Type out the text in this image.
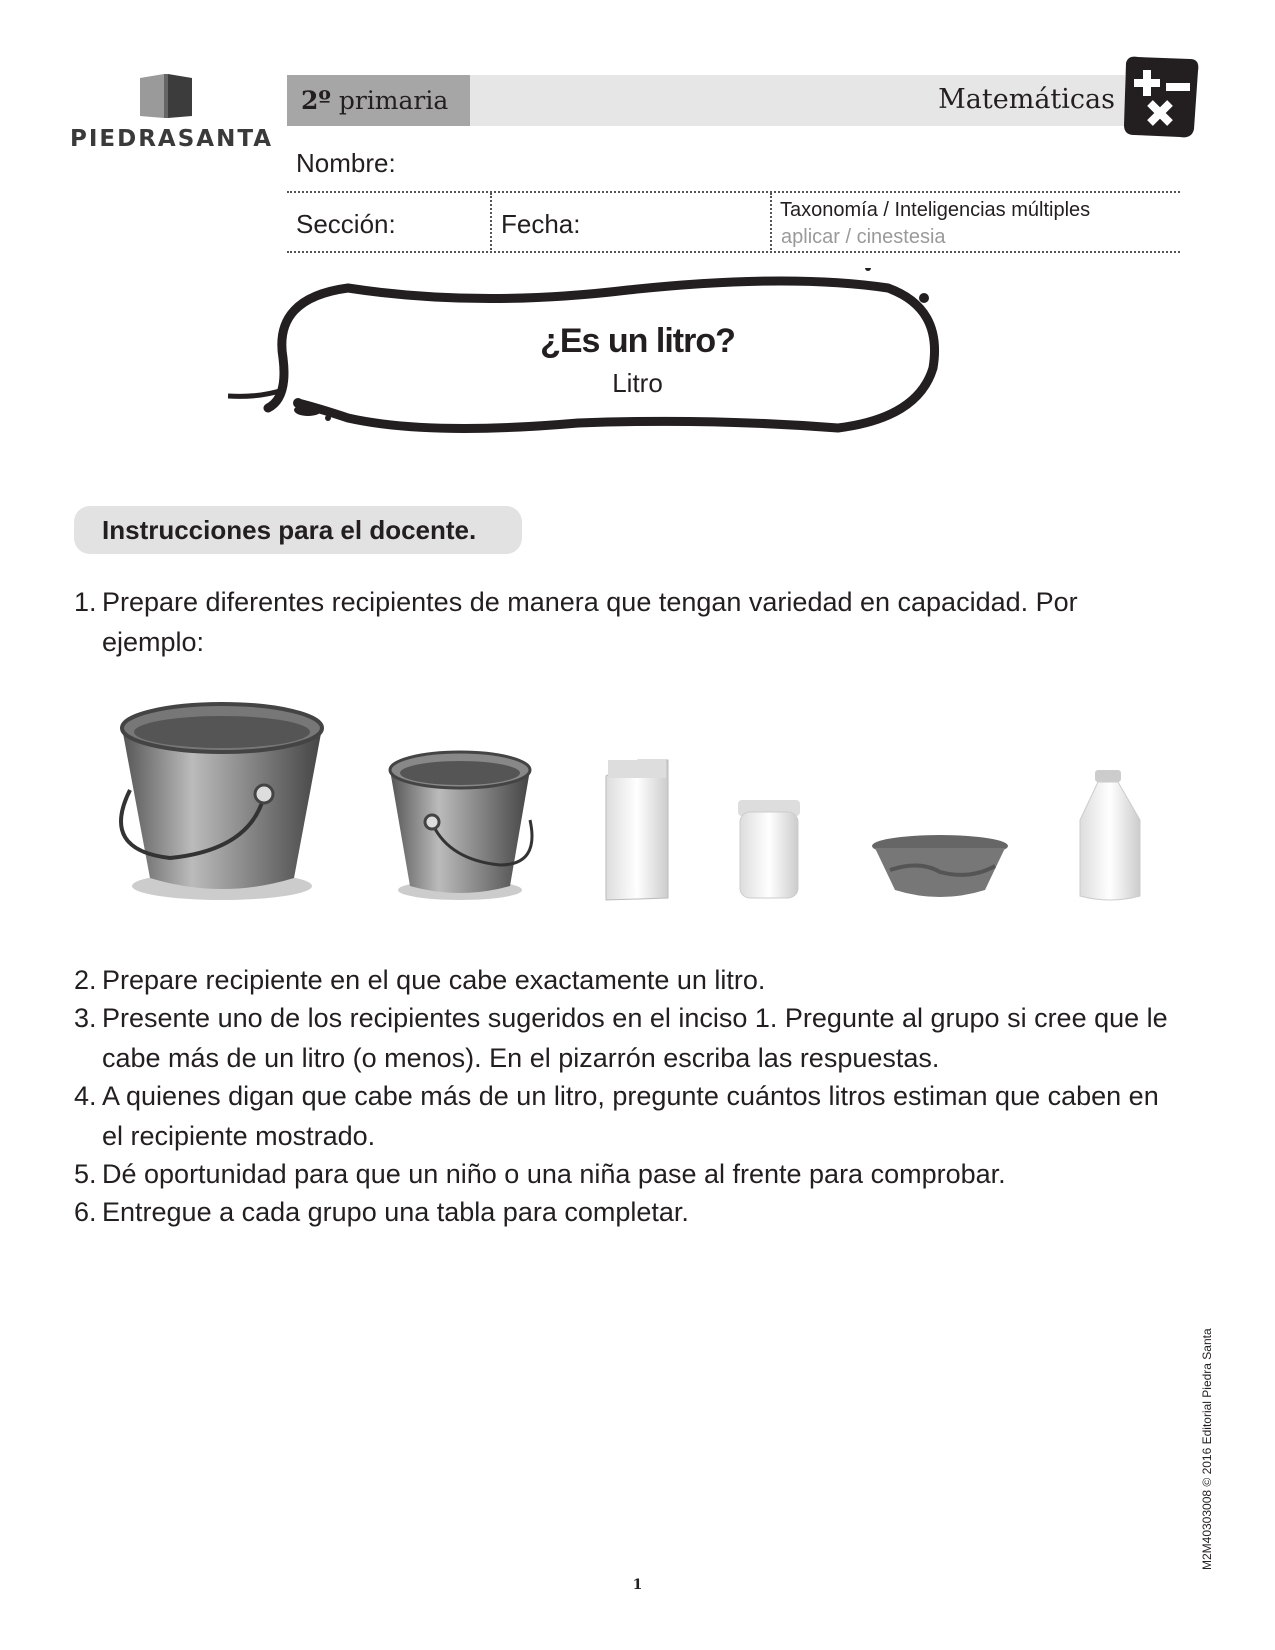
PIEDRASANTA
2º primaria	Matemáticas
Nombre:
Sección:	Fecha:	Taxonomía / Inteligencias múltiples
aplicar / cinestesia
¿Es un litro?
Litro
Instrucciones para el docente.
1. Prepare diferentes recipientes de manera que tengan variedad en capacidad. Por ejemplo:
2. Prepare recipiente en el que cabe exactamente un litro.
3. Presente uno de los recipientes sugeridos en el inciso 1. Pregunte al grupo si cree que le cabe más de un litro (o menos). En el pizarrón escriba las respuestas.
4. A quienes digan que cabe más de un litro, pregunte cuántos litros estiman que caben en el recipiente mostrado.
5. Dé oportunidad para que un niño o una niña pase al frente para comprobar.
6. Entregue a cada grupo una tabla para completar.
M2M4030300​8 © 2016 Editorial Piedra Santa
1
